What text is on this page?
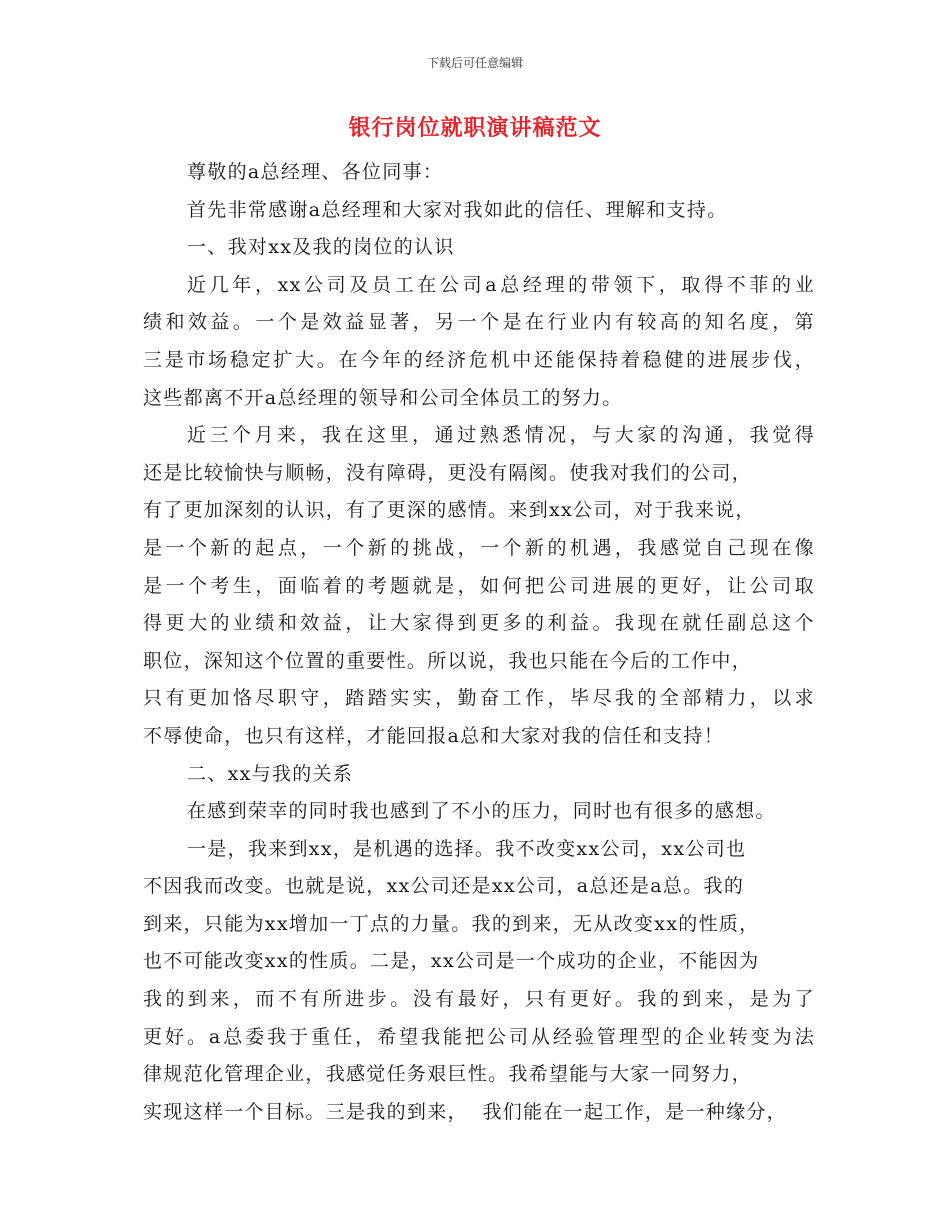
下载后可任意编辑
银行岗位就职演讲稿范文
尊敬的a总经理、各位同事：
首先非常感谢a总经理和大家对我如此的信任、理解和支持。
一、我对xx及我的岗位的认识
近几年，xx公司及员工在公司a总经理的带领下，取得不菲的业
绩和效益。一个是效益显著，另一个是在行业内有较高的知名度，第
三是市场稳定扩大。在今年的经济危机中还能保持着稳健的进展步伐，
这些都离不开a总经理的领导和公司全体员工的努力。
近三个月来，我在这里，通过熟悉情况，与大家的沟通，我觉得
还是比较愉快与顺畅，没有障碍，更没有隔阂。使我对我们的公司，
有了更加深刻的认识，有了更深的感情。来到xx公司，对于我来说，
是一个新的起点，一个新的挑战，一个新的机遇，我感觉自己现在像
是一个考生，面临着的考题就是，如何把公司进展的更好，让公司取
得更大的业绩和效益，让大家得到更多的利益。我现在就任副总这个
职位，深知这个位置的重要性。所以说，我也只能在今后的工作中，
只有更加恪尽职守，踏踏实实，勤奋工作，毕尽我的全部精力，以求
不辱使命，也只有这样，才能回报a总和大家对我的信任和支持！
二、xx与我的关系
在感到荣幸的同时我也感到了不小的压力，同时也有很多的感想。
一是，我来到xx，是机遇的选择。我不改变xx公司，xx公司也
不因我而改变。也就是说，xx公司还是xx公司，a总还是a总。我的
到来，只能为xx增加一丁点的力量。我的到来，无从改变xx的性质，
也不可能改变xx的性质。二是，xx公司是一个成功的企业，不能因为
我的到来，而不有所进步。没有最好，只有更好。我的到来，是为了
更好。a总委我于重任，希望我能把公司从经验管理型的企业转变为法
律规范化管理企业，我感觉任务艰巨性。我希望能与大家一同努力，
实现这样一个目标。三是我的到来，  我们能在一起工作，是一种缘分，
